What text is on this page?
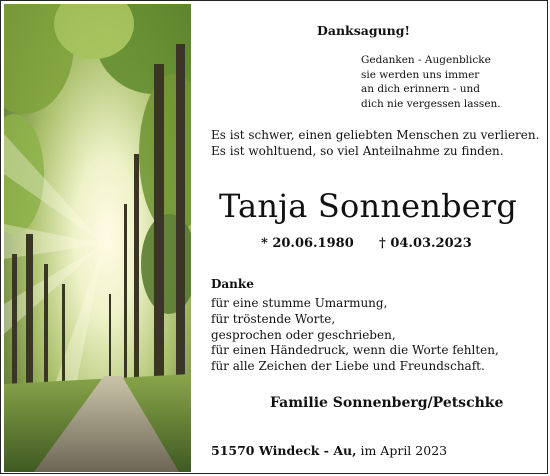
Danksagung!
Gedanken - Augenblicke
sie werden uns immer
an dich erinnern - und
dich nie vergessen lassen.
Es ist schwer, einen geliebten Menschen zu verlieren.
Es ist wohltuend, so viel Anteilnahme zu finden.
Tanja Sonnenberg
* 20.06.1980 † 04.03.2023
Danke
für eine stumme Umarmung,
für tröstende Worte,
gesprochen oder geschrieben,
für einen Händedruck, wenn die Worte fehlten,
für alle Zeichen der Liebe und Freundschaft.
Familie Sonnenberg/Petschke
51570 Windeck - Au, im April 2023
